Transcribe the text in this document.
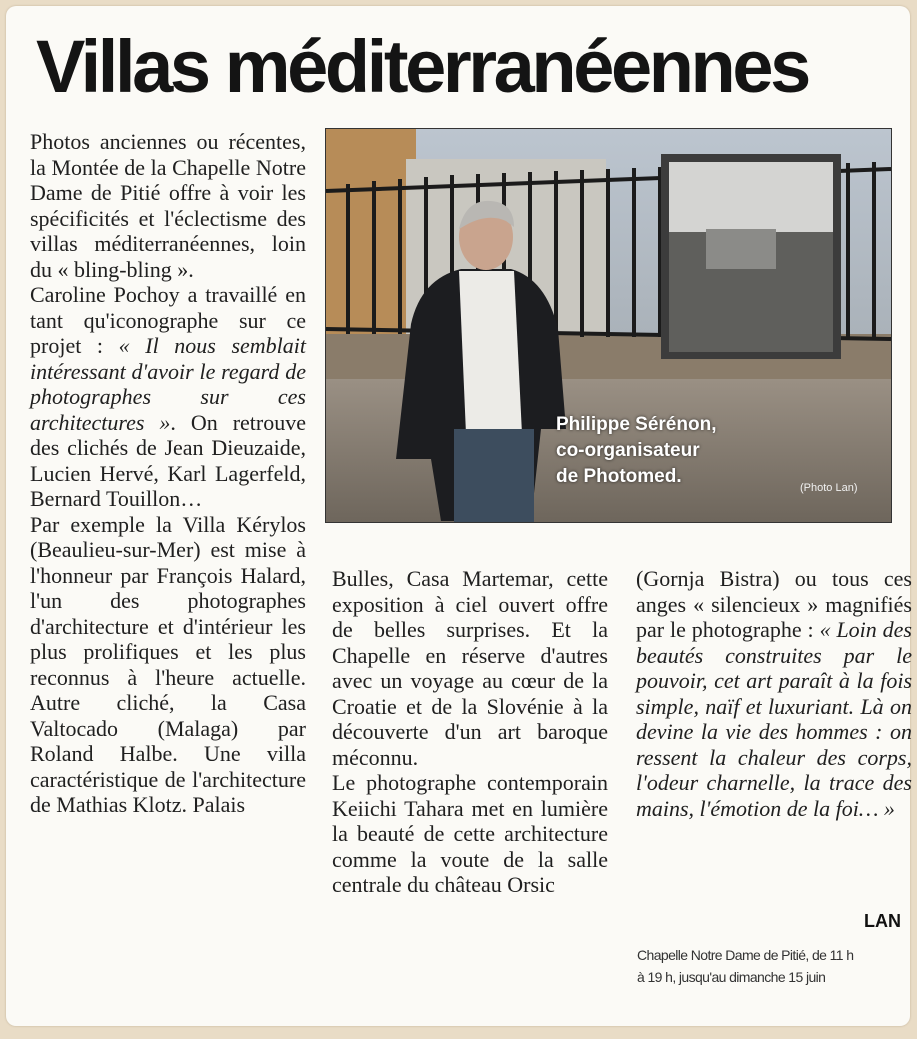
Villas méditerranéennes

Photos anciennes ou récentes, la Montée de la Chapelle Notre Dame de Pitié offre à voir les spécificités et l'éclectisme des villas méditerranéennes, loin du « bling-bling ».

Caroline Pochoy a travaillé en tant qu'iconographe sur ce projet : « Il nous semblait intéressant d'avoir le regard de photographes sur ces architectures ». On retrouve des clichés de Jean Dieuzaide, Lucien Hervé, Karl Lagerfeld, Bernard Touillon…

Par exemple la Villa Kérylos (Beaulieu-sur-Mer) est mise à l'honneur par François Halard, l'un des photographes d'architecture et d'intérieur les plus prolifiques et les plus reconnus à l'heure actuelle. Autre cliché, la Casa Valtocado (Malaga) par Roland Halbe. Une villa caractéristique de l'architecture de Mathias Klotz. Palais

Bulles, Casa Martemar, cette exposition à ciel ouvert offre de belles surprises. Et la Chapelle en réserve d'autres avec un voyage au cœur de la Croatie et de la Slovénie à la découverte d'un art baroque méconnu.

Le photographe contemporain Keiichi Tahara met en lumière la beauté de cette architecture comme la voute de la salle centrale du château Orsic

(Gornja Bistra) ou tous ces anges « silencieux » magnifiés par le photographe : « Loin des beautés construites par le pouvoir, cet art paraît à la fois simple, naïf et luxuriant. Là on devine la vie des hommes : on ressent la chaleur des corps, l'odeur charnelle, la trace des mains, l'émotion de la foi… »

LAN
Chapelle Notre Dame de Pitié, de 11 h
à 19 h, jusqu'au dimanche 15 juin

Philippe Sérénon,
co-organisateur
de Photomed.

(Photo Lan)
